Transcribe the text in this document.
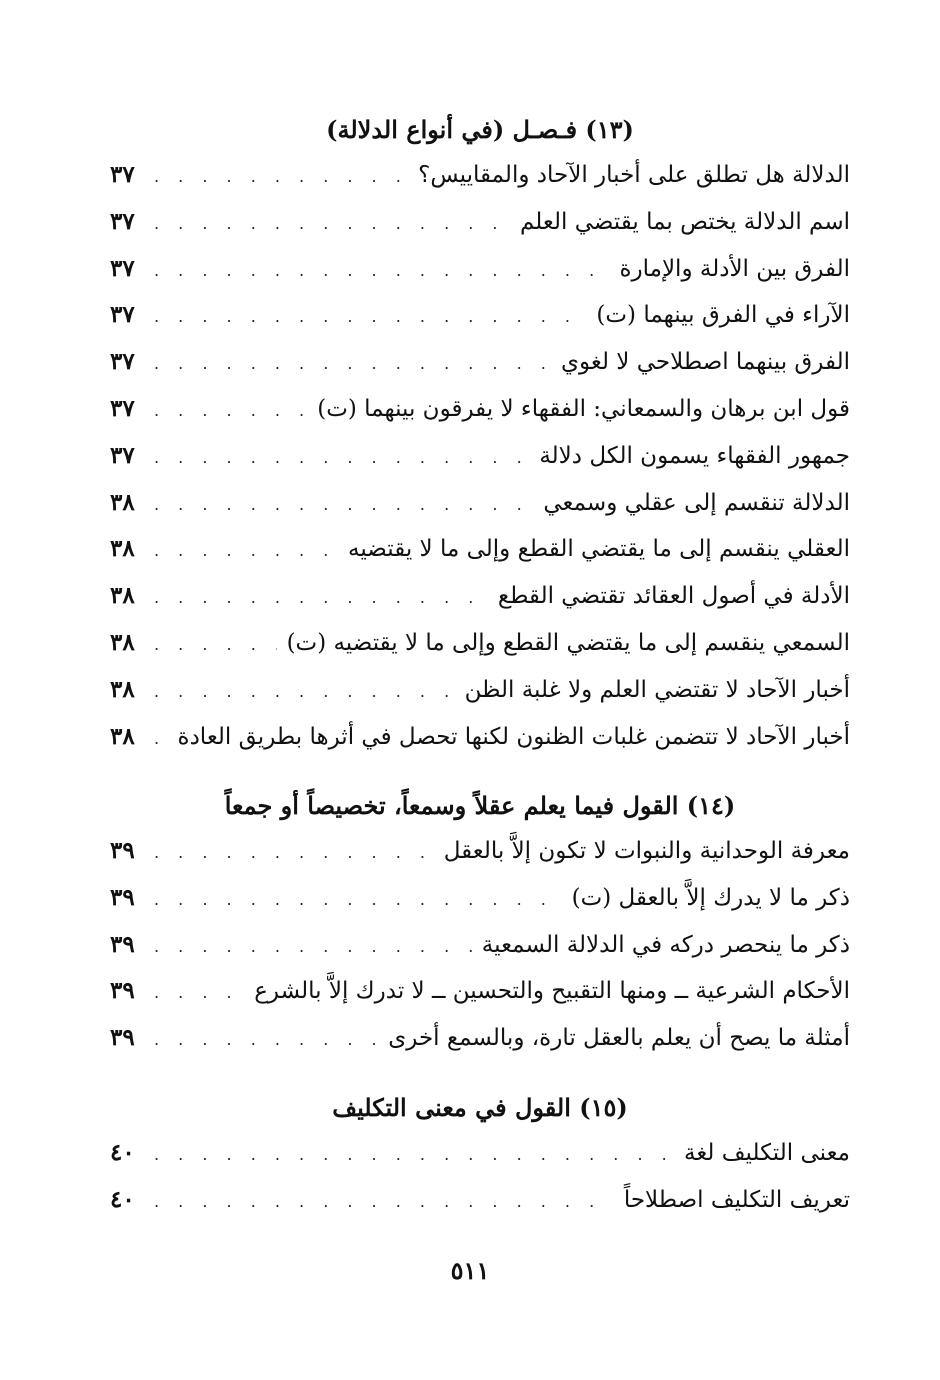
(١٣) فـصـل (في أنواع الدلالة)
الدلالة هل تطلق على أخبار الآحاد والمقاييس؟
. . .
٣٧
اسم الدلالة يختص بما يقتضي العلم
. . .
٣٧
الفرق بين الأدلة والإمارة
. . .
٣٧
الآراء في الفرق بينهما (ت)
. . .
٣٧
الفرق بينهما اصطلاحي لا لغوي
. . .
٣٧
قول ابن برهان والسمعاني: الفقهاء لا يفرقون بينهما (ت)
. . .
٣٧
جمهور الفقهاء يسمون الكل دلالة
. . .
٣٧
الدلالة تنقسم إلى عقلي وسمعي
. . .
٣٨
العقلي ينقسم إلى ما يقتضي القطع وإلى ما لا يقتضيه
. . .
٣٨
الأدلة في أصول العقائد تقتضي القطع
. . .
٣٨
السمعي ينقسم إلى ما يقتضي القطع وإلى ما لا يقتضيه (ت)
. . .
٣٨
أخبار الآحاد لا تقتضي العلم ولا غلبة الظن
. . .
٣٨
أخبار الآحاد لا تتضمن غلبات الظنون لكنها تحصل في أثرها بطريق العادة
. . .
٣٨
(١٤) القول فيما يعلم عقلاً وسمعاً، تخصيصاً أو جمعاً
معرفة الوحدانية والنبوات لا تكون إلاَّ بالعقل
. . .
٣٩
ذكر ما لا يدرك إلاَّ بالعقل (ت)
. . .
٣٩
ذكر ما ينحصر دركه في الدلالة السمعية
. . .
٣٩
الأحكام الشرعية ــ ومنها التقبيح والتحسين ــ لا تدرك إلاَّ بالشرع
. . .
٣٩
أمثلة ما يصح أن يعلم بالعقل تارة، وبالسمع أخرى
. . .
٣٩
(١٥) القول في معنى التكليف
معنى التكليف لغة
. . .
٤٠
تعريف التكليف اصطلاحاً
. . .
٤٠
٥١١
